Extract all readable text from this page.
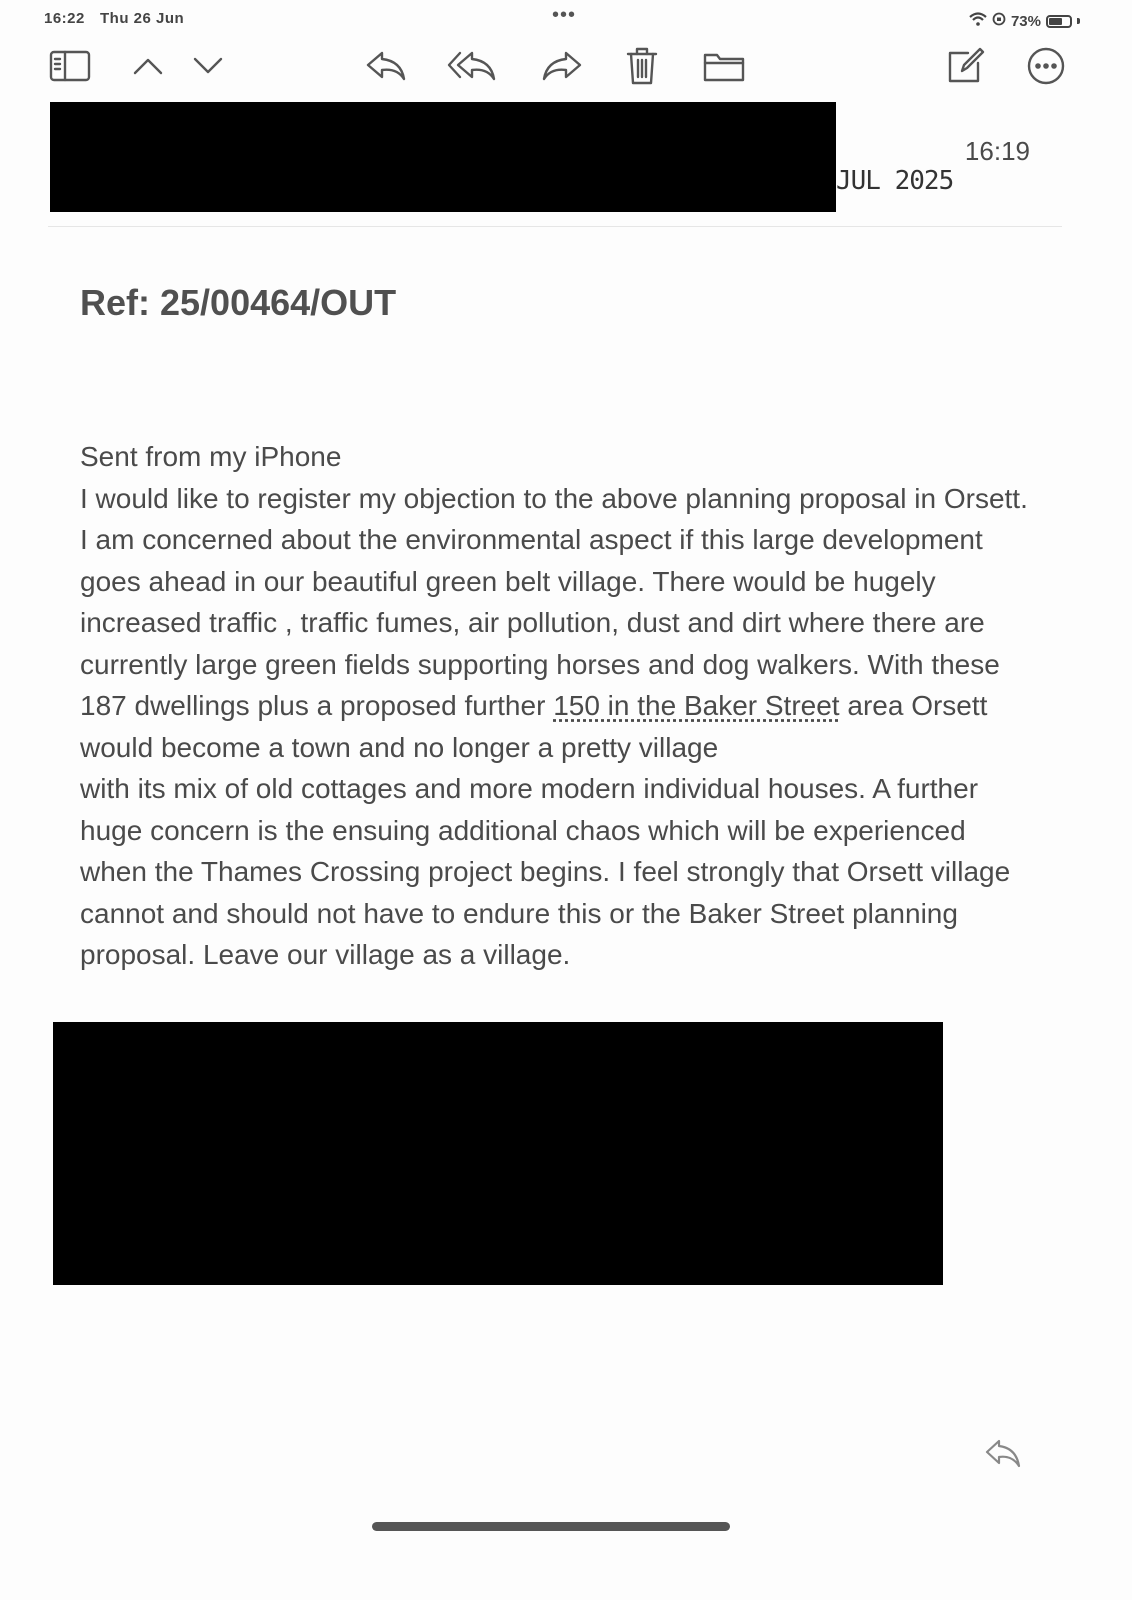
16:22 Thu 26 Jun	•••	73%
JUL 2025
16:19
Ref: 25/00464/OUT

Sent from my iPhone

I would like to register my objection to the above planning proposal in Orsett.

I am concerned about the environmental aspect if this large development goes ahead in our beautiful green belt village. There would be hugely increased traffic , traffic fumes, air pollution, dust and dirt where there are currently large green fields supporting horses and dog walkers. With these 187 dwellings plus a proposed further 150 in the Baker Street area Orsett would become a town and no longer a pretty village

with its mix of old cottages and more modern individual houses. A further huge concern is the ensuing additional chaos which will be experienced when the Thames Crossing project begins. I feel strongly that Orsett village cannot and should not have to endure this or the Baker Street planning proposal. Leave our village as a village.
